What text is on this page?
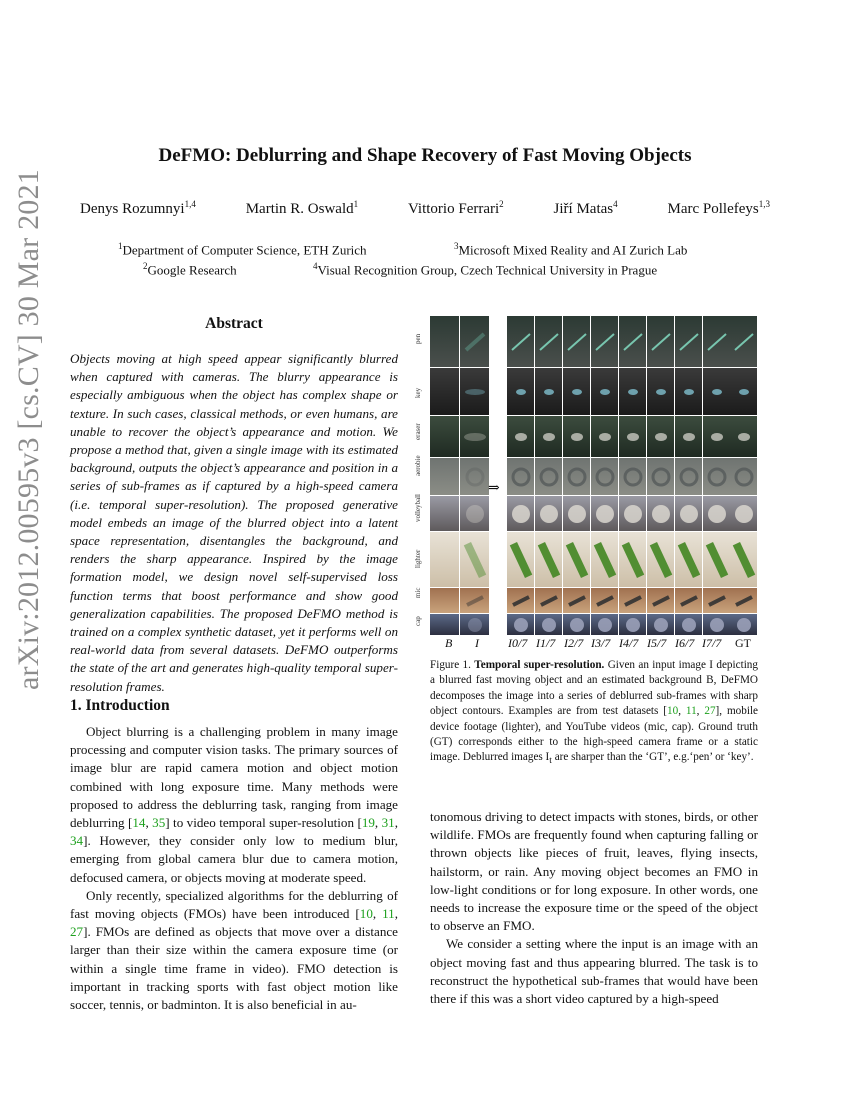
arXiv:2012.00595v3 [cs.CV] 30 Mar 2021
DeFMO: Deblurring and Shape Recovery of Fast Moving Objects
Denys Rozumnyi$^{1,4}$	Martin R. Oswald$^1$	Vittorio Ferrari$^2$	Jiří Matas$^4$	Marc Pollefeys$^{1,3}$
$^1$Department of Computer Science, ETH Zurich	$^3$Microsoft Mixed Reality and AI Zurich Lab
$^2$Google Research	$^4$Visual Recognition Group, Czech Technical University in Prague
Abstract
Objects moving at high speed appear significantly blurred when captured with cameras. The blurry appearance is especially ambiguous when the object has complex shape or texture. In such cases, classical methods, or even humans, are unable to recover the object’s appearance and motion. We propose a method that, given a single image with its estimated background, outputs the object’s appearance and position in a series of sub-frames as if captured by a high-speed camera (i.e. temporal super-resolution). The proposed generative model embeds an image of the blurred object into a latent space representation, disentangles the background, and renders the sharp appearance. Inspired by the image formation model, we design novel self-supervised loss function terms that boost performance and show good generalization capabilities. The proposed DeFMO method is trained on a complex synthetic dataset, yet it performs well on real-world data from several datasets. DeFMO outperforms the state of the art and generates high-quality temporal super-resolution frames.
1. Introduction

Object blurring is a challenging problem in many image processing and computer vision tasks. The primary sources of image blur are rapid camera motion and object motion combined with long exposure time. Many methods were proposed to address the deblurring task, ranging from image deblurring [14, 35] to video temporal super-resolution [19, 31, 34]. However, they consider only low to medium blur, emerging from global camera blur due to camera motion, defocused camera, or objects moving at moderate speed.

Only recently, specialized algorithms for the deblurring of fast moving objects (FMOs) have been introduced [10, 11, 27]. FMOs are defined as objects that move over a distance larger than their size within the camera exposure time (or within a single time frame in video). FMO detection is important in tracking sports with fast object motion like soccer, tennis, or badminton. It is also beneficial in au-

⇒
pen
key
eraser
aerobie
volleyball
lighter
mic
cap
B I I0/7 I1/7 I2/7 I3/7 I4/7 I5/7 I6/7 I7/7 GT
Figure 1. Temporal super-resolution. Given an input image I depicting a blurred fast moving object and an estimated background B, DeFMO decomposes the image into a series of deblurred sub-frames with sharp object contours. Examples are from test datasets [10, 11, 27], mobile device footage (lighter), and YouTube videos (mic, cap). Ground truth (GT) corresponds either to the high-speed camera frame or a static image. Deblurred images $I_t$ are sharper than the ‘GT’, e.g.‘pen’ or ‘key’.

tonomous driving to detect impacts with stones, birds, or other wildlife. FMOs are frequently found when capturing falling or thrown objects like pieces of fruit, leaves, flying insects, hailstorm, or rain. Any moving object becomes an FMO in low-light conditions or for long exposure. In other words, one needs to increase the exposure time or the speed of the object to observe an FMO.

We consider a setting where the input is an image with an object moving fast and thus appearing blurred. The task is to reconstruct the hypothetical sub-frames that would have been there if this was a short video captured by a high-speed
